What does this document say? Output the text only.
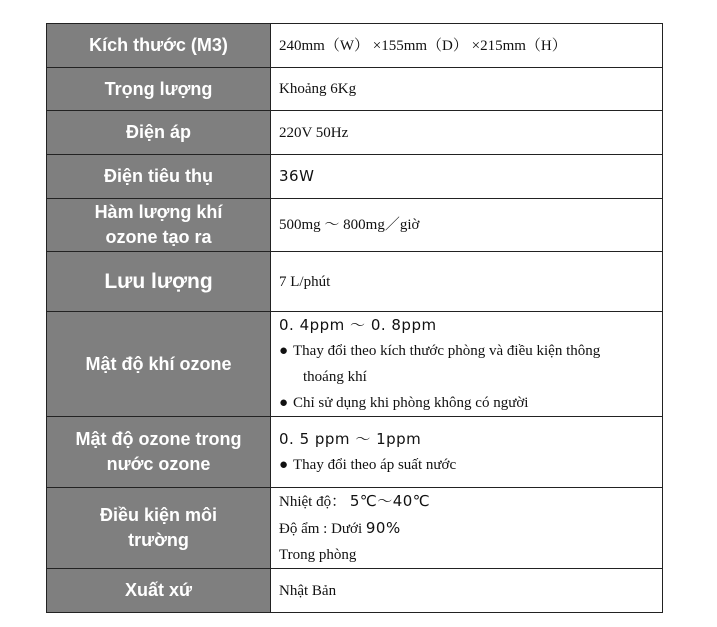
Kích thước (M3)	240mm（W） ×155mm（D） ×215mm（H）
Trọng lượng	Khoảng 6Kg
Điện áp	220V 50Hz
Điện tiêu thụ	36W

Hàm lượng khí
ozone tạo ra	500mg ～ 800mg／giờ
Lưu lượng	7 L/phút
Mật độ khí ozone	0. 4ppm ～ 0. 8ppm
● Thay đổi theo kích thước phòng và điều kiện thông
thoáng khí
● Chỉ sử dụng khi phòng không có người

Mật độ ozone trong
nước ozone	0. 5 ppm ～ 1ppm
● Thay đổi theo áp suất nước

Điều kiện môi
trường	Nhiệt độ： 5℃～40℃
Độ ẩm : Dưới 90%
Trong phòng

Xuất xứ	Nhật Bản
